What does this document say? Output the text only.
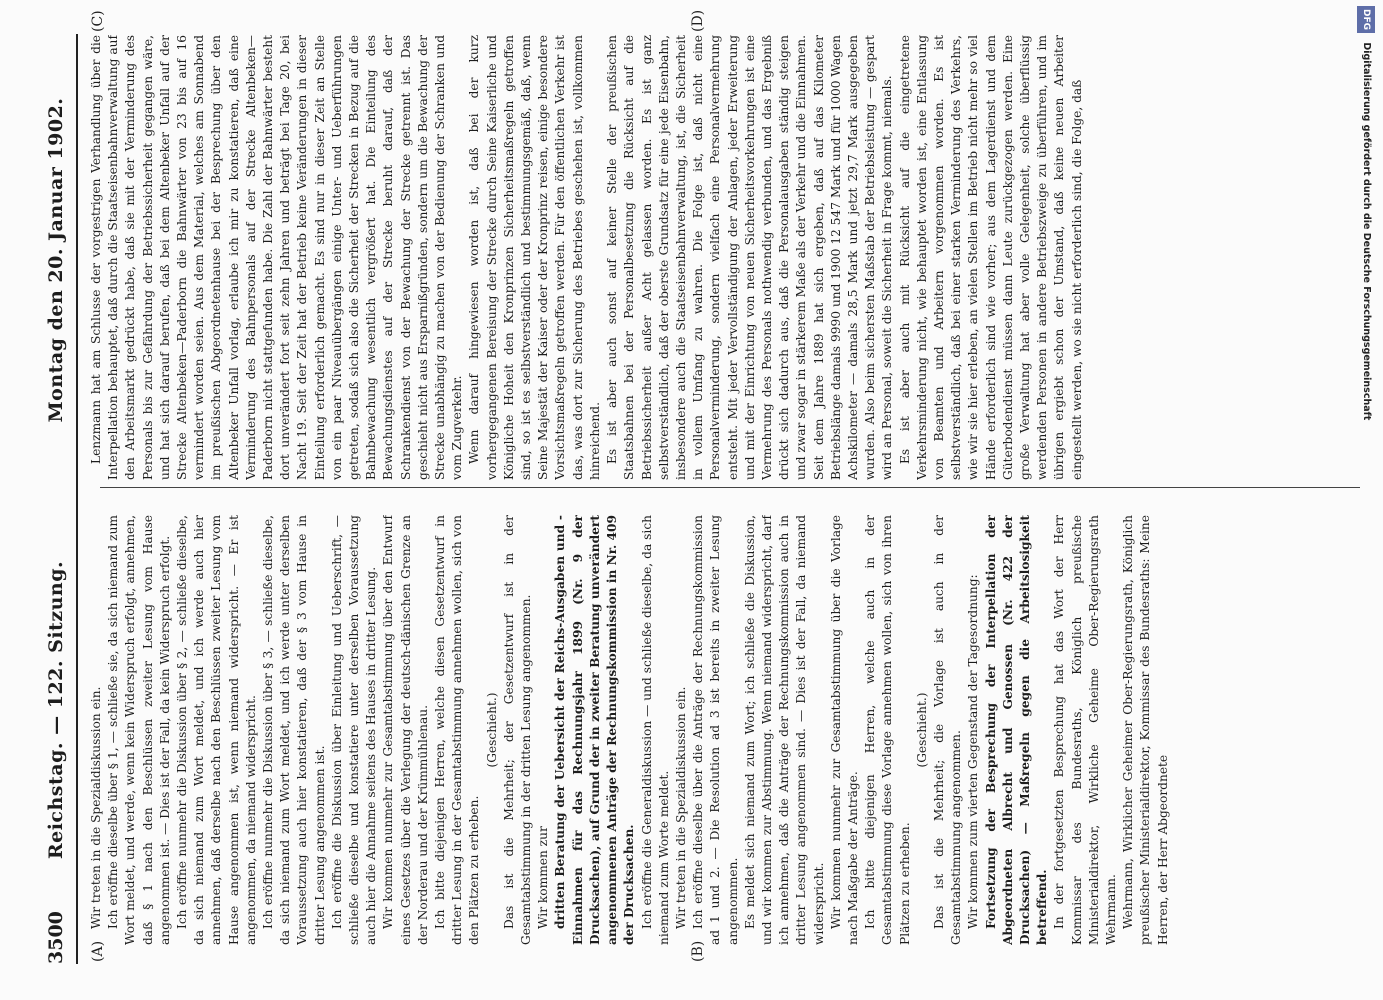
3500
Reichstag. — 122. Sitzung.
Montag den 20. Januar 1902.
(A)	(B)
(C)	(D)

Wir treten in die Spezialdiskussion ein. Ich eröffne dieselbe über § 1, — schließe sie, da sich niemand zum Wort meldet, und werde, wenn kein Widerspruch erfolgt, annehmen, daß § 1 nach den Beschlüssen zweiter Lesung vom Hause angenommen ist. — Dies ist der Fall, da kein Widerspruch erfolgt. Ich eröffne nunmehr die Diskussion über § 2, — schließe dieselbe, da sich niemand zum Wort meldet, und ich werde auch hier annehmen, daß derselbe nach den Beschlüssen zweiter Lesung vom Hause angenommen ist, wenn niemand widerspricht. — Er ist angenommen, da niemand widerspricht. Ich eröffne nunmehr die Diskussion über § 3, — schließe dieselbe, da sich niemand zum Wort meldet, und ich werde unter derselben Voraussetzung auch hier konstatieren, daß der § 3 vom Hause in dritter Lesung angenommen ist. Ich eröffne die Diskussion über Einleitung und Ueberschrift, — schließe dieselbe und konstatiere unter derselben Voraussetzung auch hier die Annahme seitens des Hauses in dritter Lesung. Wir kommen nunmehr zur Gesamtabstimmung über den Entwurf eines Gesetzes über die Verlegung der deutsch-dänischen Grenze an der Norderau und der Krümmühlenau. Ich bitte diejenigen Herren, welche diesen Gesetzentwurf in dritter Lesung in der Gesamtabstimmung annehmen wollen, sich von den Plätzen zu erheben.

(Geschieht.) Das ist die Mehrheit; der Gesetzentwurf ist in der Gesamtabstimmung in der dritten Lesung angenommen. Wir kommen zur dritten Beratung der Uebersicht der Reichs-Ausgaben und -Einnahmen für das Rechnungsjahr 1899 (Nr. 9 der Drucksachen), auf Grund der in zweiter Beratung unverändert angenommenen Anträge der Rechnungskommission in Nr. 409 der Drucksachen. Ich eröffne die Generaldiskussion — und schließe dieselbe, da sich niemand zum Worte meldet. Wir treten in die Spezialdiskussion ein. Ich eröffne dieselbe über die Anträge der Rechnungskommission ad 1 und 2. — Die Resolution ad 3 ist bereits in zweiter Lesung angenommen. Es meldet sich niemand zum Wort; ich schließe die Diskussion, und wir kommen zur Abstimmung. Wenn niemand widerspricht, darf ich annehmen, daß die Anträge der Rechnungskommission auch in dritter Lesung angenommen sind. — Dies ist der Fall, da niemand widerspricht. Wir kommen nunmehr zur Gesamtabstimmung über die Vorlage nach Maßgabe der Anträge. Ich bitte diejenigen Herren, welche auch in der Gesamtabstimmung diese Vorlage annehmen wollen, sich von ihren Plätzen zu erheben.

(Geschieht.) Das ist die Mehrheit; die Vorlage ist auch in der Gesamtabstimmung angenommen. Wir kommen zum vierten Gegenstand der Tagesordnung: Fortsetzung der Besprechung der Interpellation der Abgeordneten Albrecht und Genossen (Nr. 422 der Drucksachen) — Maßregeln gegen die Arbeitslosigkeit betreffend. In der fortgesetzten Besprechung hat das Wort der Herr Kommissar des Bundesraths, Königlich preußische Ministerialdirektor, Wirkliche Geheime Ober-Regierungsrath Wehrmann. Wehrmann, Wirklicher Geheimer Ober-Regierungsrath, Königlich preußischer Ministerialdirektor, Kommissar des Bundesraths: Meine Herren, der Herr Abgeordnete

Lenzmann hat am Schlusse der vorgestrigen Verhandlung über die Interpellation behauptet, daß durch die Staatseisenbahnverwaltung auf den Arbeitsmarkt gedrückt habe, daß sie mit der Verminderung des Personals bis zur Gefährdung der Betriebssicherheit gegangen wäre, und hat sich darauf berufen, daß bei dem Altenbeker Unfall auf der Strecke Altenbeken—Paderborn die Bahnwärter von 23 bis auf 16 vermindert worden seien. Aus dem Material, welches am Sonnabend im preußischen Abgeordnetenhause bei der Besprechung über den Altenbeker Unfall vorlag, erlaube ich mir zu konstatieren, daß eine Verminderung des Bahnpersonals auf der Strecke Altenbeken—Paderborn nicht stattgefunden habe. Die Zahl der Bahnwärter besteht dort unverändert fort seit zehn Jahren und beträgt bei Tage 20, bei Nacht 19. Seit der Zeit hat der Betrieb keine Veränderungen in dieser Einteilung erforderlich gemacht. Es sind nur in dieser Zeit an Stelle von ein paar Niveauübergängen einige Unter- und Ueberführungen getreten, sodaß sich also die Sicherheit der Strecken in Bezug auf die Bahnbewachung wesentlich vergrößert hat. Die Einteilung des Bewachungsdienstes auf der Strecke beruht darauf, daß der Schrankendienst von der Bewachung der Strecke getrennt ist. Das geschieht nicht aus Ersparnißgründen, sondern um die Bewachung der Strecke unabhängig zu machen von der Bedienung der Schranken und vom Zugverkehr. Wenn darauf hingewiesen worden ist, daß bei der kurz vorhergegangenen Bereisung der Strecke durch Seine Kaiserliche und Königliche Hoheit den Kronprinzen Sicherheitsmaßregeln getroffen sind, so ist es selbstverständlich und bestimmungsgemäß, daß, wenn Seine Majestät der Kaiser oder der Kronprinz reisen, einige besondere Vorsichtsmaßregeln getroffen werden. Für den öffentlichen Verkehr ist das, was dort zur Sicherung des Betriebes geschehen ist, vollkommen hinreichend. Es ist aber auch sonst auf keiner Stelle der preußischen Staatsbahnen bei der Personalbesetzung die Rücksicht auf die Betriebssicherheit außer Acht gelassen worden. Es ist ganz selbstverständlich, daß der oberste Grundsatz für eine jede Eisenbahn, insbesondere auch die Staatseisenbahnverwaltung, ist, die Sicherheit in vollem Umfang zu wahren. Die Folge ist, daß nicht eine Personalverminderung, sondern vielfach eine Personalvermehrung entsteht. Mit jeder Vervollständigung der Anlagen, jeder Erweiterung und mit der Einrichtung von neuen Sicherheitsvorkehrungen ist eine Vermehrung des Personals nothwendig verbunden, und das Ergebniß drückt sich dadurch aus, daß die Personalausgaben ständig steigen und zwar sogar in stärkerem Maße als der Verkehr und die Einnahmen. Seit dem Jahre 1889 hat sich ergeben, daß auf das Kilometer Betriebslänge damals 9990 und 1900 12 547 Mark und für 1000 Wagen Achskilometer — damals 28,5 Mark und jetzt 29,7 Mark ausgegeben wurden. Also beim sichersten Maßstab der Betriebsleistung — gespart wird an Personal, soweit die Sicherheit in Frage kommt, niemals. Es ist aber auch mit Rücksicht auf die eingetretene Verkehrsminderung nicht, wie behauptet worden ist, eine Entlassung von Beamten und Arbeitern vorgenommen worden. Es ist selbstverständlich, daß bei einer starken Verminderung des Verkehrs, wie wir sie hier erleben, an vielen Stellen im Betrieb nicht mehr so viel Hände erforderlich sind wie vorher; aus dem Lagerdienst und dem Güterbodendienst müssen dann Leute zurückgezogen werden. Eine große Verwaltung hat aber volle Gelegenheit, solche überflüssig werdenden Personen in andere Betriebszweige zu überführen, und im übrigen ergiebt schon der Umstand, daß keine neuen Arbeiter eingestellt werden, wo sie nicht erforderlich sind, die Folge, daß

DFG Digitalisierung gefördert durch die Deutsche Forschungsgemeinschaft
